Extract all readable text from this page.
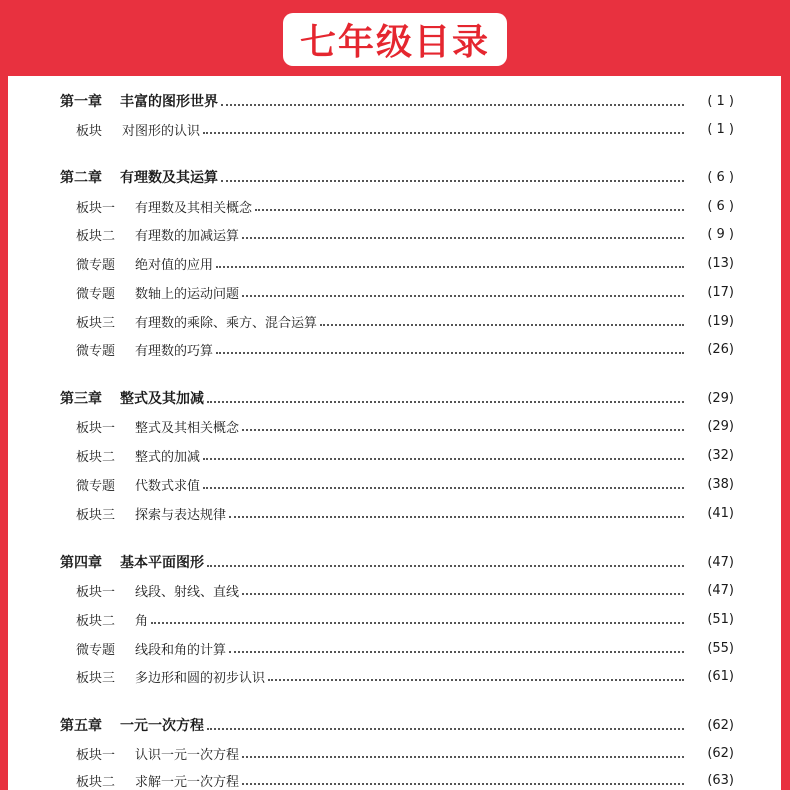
七年级目录
第一章 丰富的图形世界	( 1 )
板块 对图形的认识	( 1 )
第二章 有理数及其运算	( 6 )
板块一 有理数及其相关概念	( 6 )
板块二 有理数的加减运算	( 9 )
微专题 绝对值的应用	(13)
微专题 数轴上的运动问题	(17)
板块三 有理数的乘除、乘方、混合运算	(19)
微专题 有理数的巧算	(26)
第三章 整式及其加减	(29)
板块一 整式及其相关概念	(29)
板块二 整式的加减	(32)
微专题 代数式求值	(38)
板块三 探索与表达规律	(41)
第四章 基本平面图形	(47)
板块一 线段、射线、直线	(47)
板块二 角	(51)
微专题 线段和角的计算	(55)
板块三 多边形和圆的初步认识	(61)
第五章 一元一次方程	(62)
板块一 认识一元一次方程	(62)
板块二 求解一元一次方程	(63)
